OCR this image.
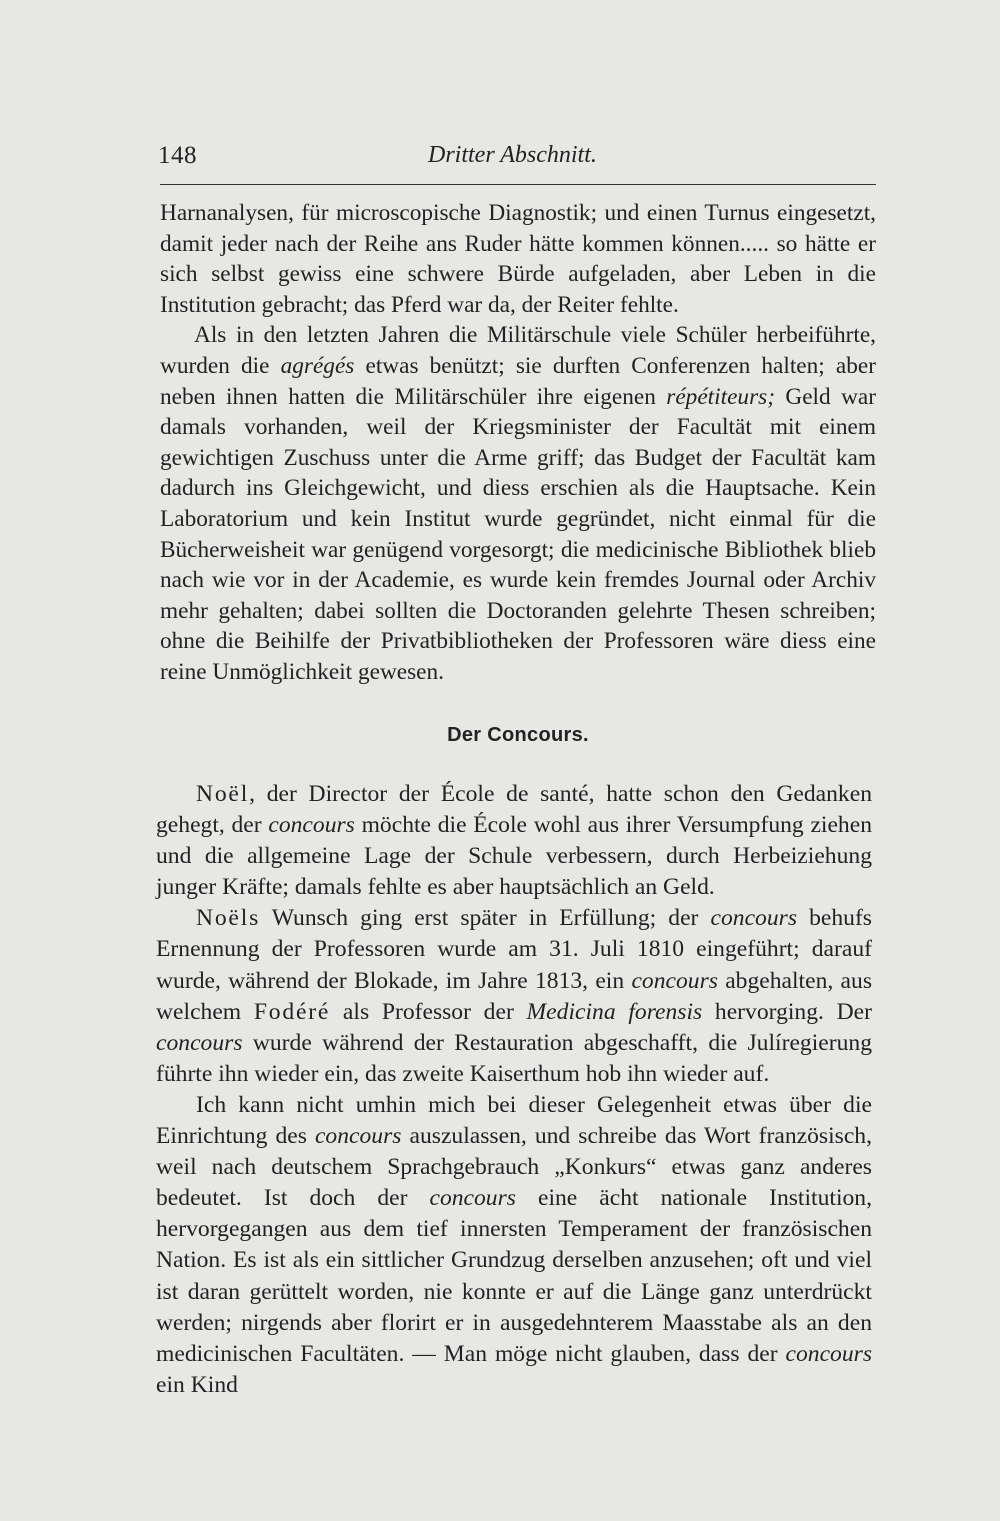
148	Dritter Abschnitt.

Harnanalysen, für microscopische Diagnostik; und einen Turnus eingesetzt, damit jeder nach der Reihe ans Ruder hätte kommen können..... so hätte er sich selbst gewiss eine schwere Bürde aufgeladen, aber Leben in die Institution gebracht; das Pferd war da, der Reiter fehlte.

Als in den letzten Jahren die Militärschule viele Schüler herbeiführte, wurden die agrégés etwas benützt; sie durften Conferenzen halten; aber neben ihnen hatten die Militärschüler ihre eigenen répétiteurs; Geld war damals vorhanden, weil der Kriegsminister der Facultät mit einem gewichtigen Zuschuss unter die Arme griff; das Budget der Facultät kam dadurch ins Gleichgewicht, und diess erschien als die Hauptsache. Kein Laboratorium und kein Institut wurde gegründet, nicht einmal für die Bücherweisheit war genügend vorgesorgt; die medicinische Bibliothek blieb nach wie vor in der Academie, es wurde kein fremdes Journal oder Archiv mehr gehalten; dabei sollten die Doctoranden gelehrte Thesen schreiben; ohne die Beihilfe der Privatbibliotheken der Professoren wäre diess eine reine Unmöglichkeit gewesen.

Der Concours.

Noël, der Director der École de santé, hatte schon den Gedanken gehegt, der concours möchte die École wohl aus ihrer Versumpfung ziehen und die allgemeine Lage der Schule verbessern, durch Herbeiziehung junger Kräfte; damals fehlte es aber hauptsächlich an Geld.

Noëls Wunsch ging erst später in Erfüllung; der concours behufs Ernennung der Professoren wurde am 31. Juli 1810 eingeführt; darauf wurde, während der Blokade, im Jahre 1813, ein concours abgehalten, aus welchem Fodéré als Professor der Medicina forensis hervorging. Der concours wurde während der Restauration abgeschafft, die Julíregierung führte ihn wieder ein, das zweite Kaiserthum hob ihn wieder auf.

Ich kann nicht umhin mich bei dieser Gelegenheit etwas über die Einrichtung des concours auszulassen, und schreibe das Wort französisch, weil nach deutschem Sprachgebrauch „Konkurs“ etwas ganz anderes bedeutet. Ist doch der concours eine ächt nationale Institution, hervorgegangen aus dem tief innersten Temperament der französischen Nation. Es ist als ein sittlicher Grundzug derselben anzusehen; oft und viel ist daran gerüttelt worden, nie konnte er auf die Länge ganz unterdrückt werden; nirgends aber florirt er in ausgedehnterem Maasstabe als an den medicinischen Facultäten. — Man möge nicht glauben, dass der concours ein Kind
